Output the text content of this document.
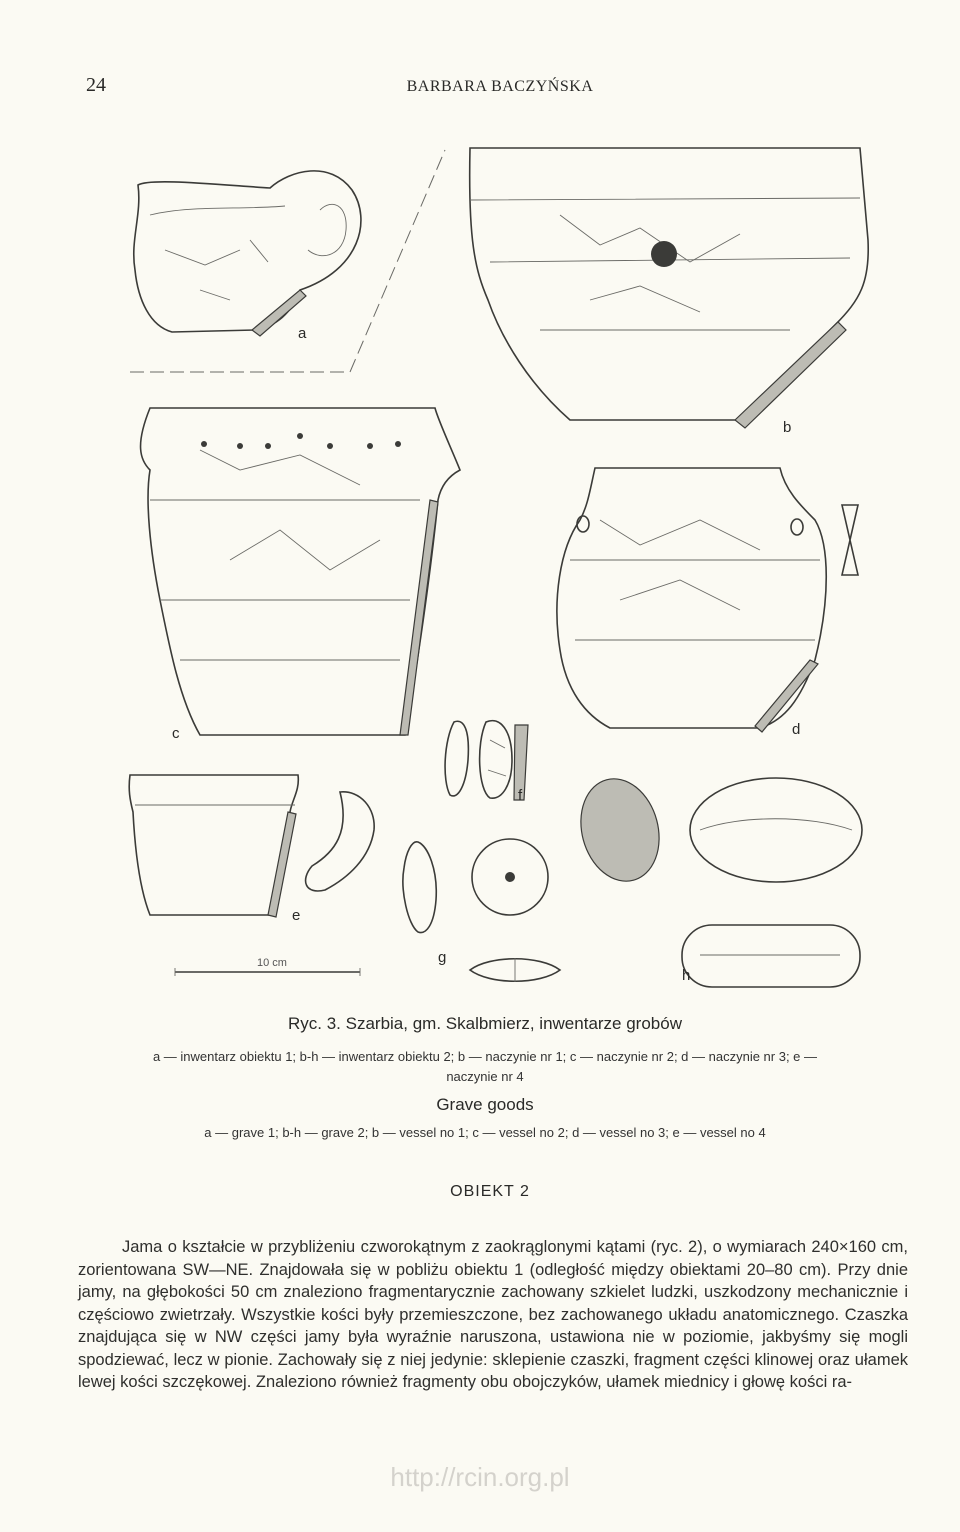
24	BARBARA BACZYŃSKA
a
b
c	d
e
f
g
h
10 cm
Ryc. 3. Szarbia, gm. Skalbmierz, inwentarze grobów
a — inwentarz obiektu 1; b-h — inwentarz obiektu 2; b — naczynie nr 1; c — naczynie nr 2; d — naczynie nr 3; e —
naczynie nr 4
Grave goods
a — grave 1; b-h — grave 2; b — vessel no 1; c — vessel no 2; d — vessel no 3; e — vessel no 4
OBIEKT 2
Jama o kształcie w przybliżeniu czworokątnym z zaokrąglonymi kątami (ryc. 2), o wymiarach 240×160 cm, zorientowana SW—NE. Znajdowała się w pobliżu obiektu 1 (odległość między obiektami 20–80 cm). Przy dnie jamy, na głębokości 50 cm znaleziono fragmentarycznie zachowany szkielet ludzki, uszkodzony mechanicznie i częściowo zwietrzały. Wszystkie kości były przemieszczone, bez zachowanego układu anatomicznego. Czaszka znajdująca się w NW części jamy była wyraźnie naruszona, ustawiona nie w poziomie, jakbyśmy się mogli spodziewać, lecz w pionie. Zachowały się z niej jedynie: sklepienie czaszki, fragment części klinowej oraz ułamek lewej kości szczękowej. Znaleziono również fragmenty obu obojczyków, ułamek miednicy i głowę kości ra-
http://rcin.org.pl
